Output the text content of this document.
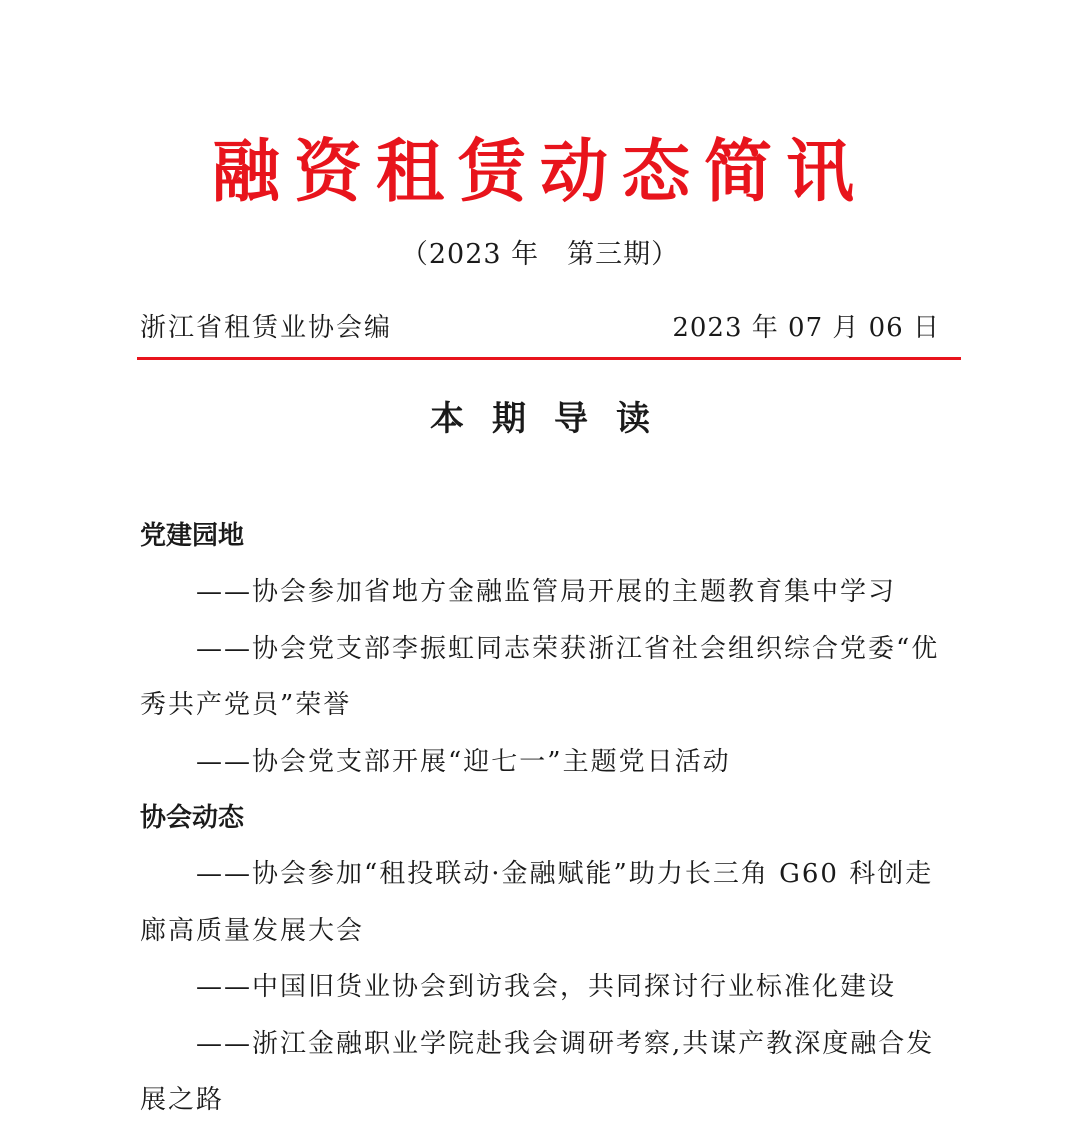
融资租赁动态简讯
（2023 年　第三期）
浙江省租赁业协会编	2023 年 07 月 06 日
本期导读
党建园地

——协会参加省地方金融监管局开展的主题教育集中学习

——协会党支部李振虹同志荣获浙江省社会组织综合党委“优秀共产党员”荣誉

——协会党支部开展“迎七一”主题党日活动

协会动态

——协会参加“租投联动·金融赋能”助力长三角 G60 科创走廊高质量发展大会

——中国旧货业协会到访我会，共同探讨行业标准化建设

——浙江金融职业学院赴我会调研考察,共谋产教深度融合发展之路
